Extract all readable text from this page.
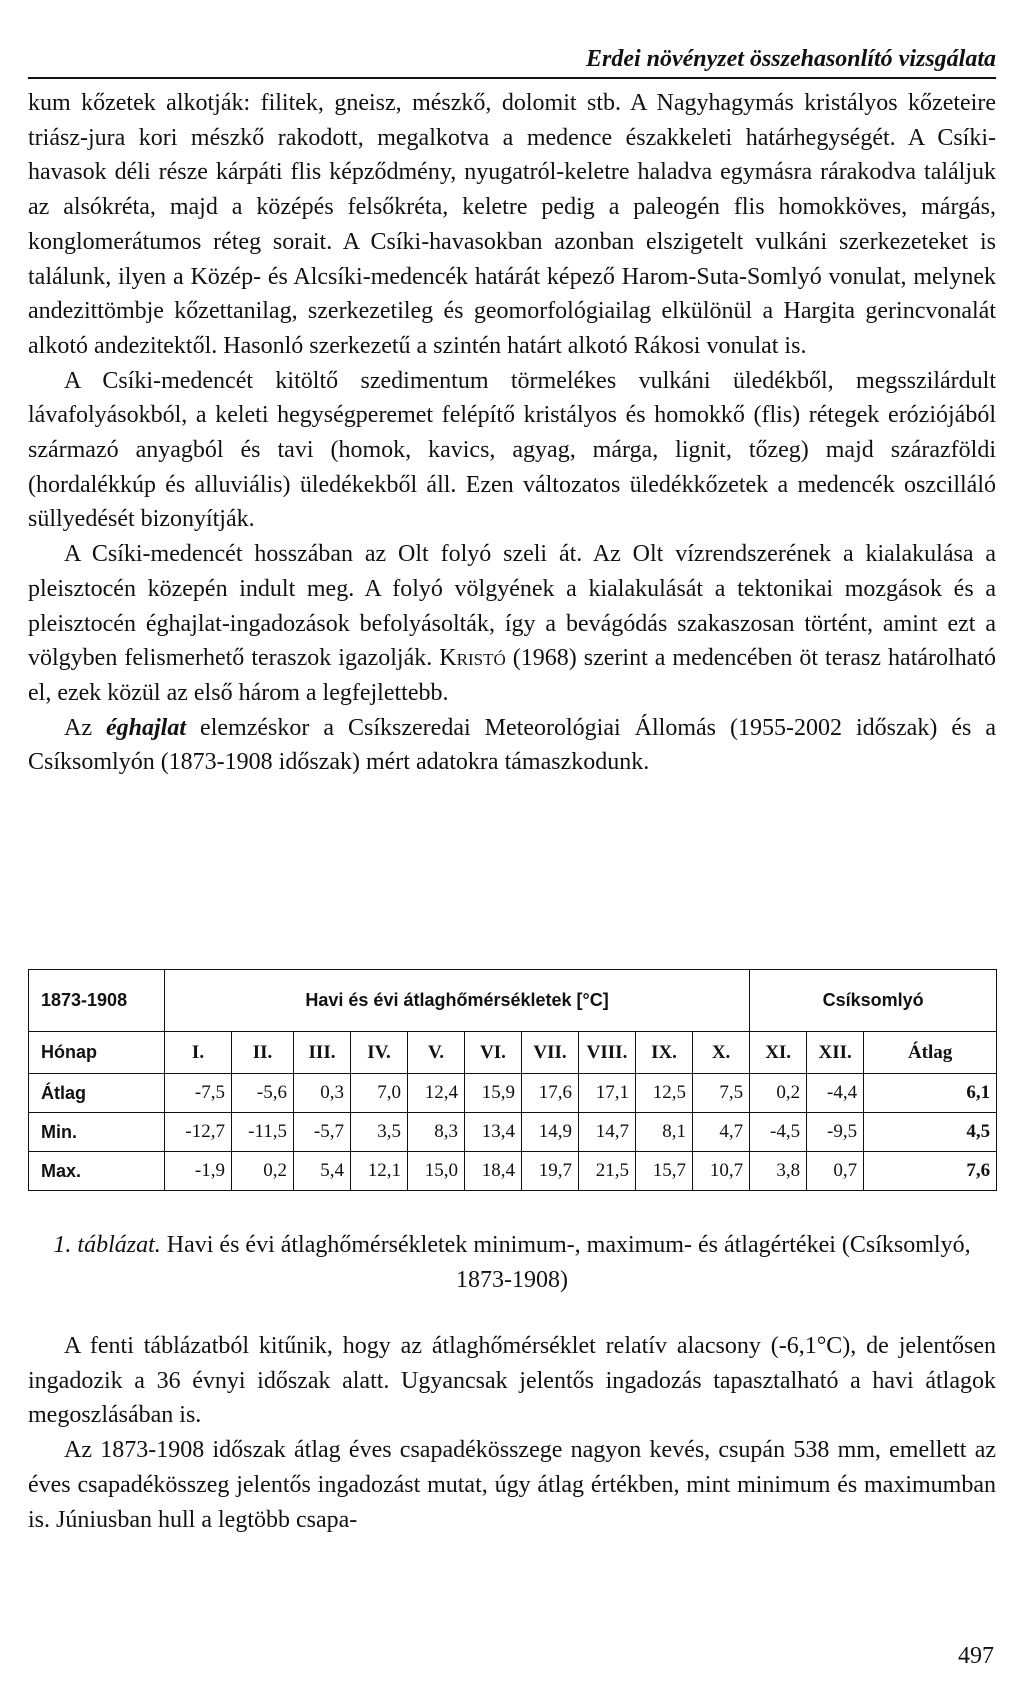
Erdei növényzet összehasonlító vizsgálata

kum kőzetek alkotják: filitek, gneisz, mészkő, dolomit stb. A Nagyhagymás kristályos kőzeteire triász-jura kori mészkő rakodott, megalkotva a medence északkeleti határhegységét. A Csíki-havasok déli része kárpáti flis képződmény, nyugatról-keletre haladva egymásra rárakodva találjuk az alsókréta, majd a középés felsőkréta, keletre pedig a paleogén flis homokköves, márgás, konglomerátumos réteg sorait. A Csíki-havasokban azonban elszigetelt vulkáni szerkezeteket is találunk, ilyen a Közép- és Alcsíki-medencék határát képező Harom-Suta-Somlyó vonulat, melynek andezittömbje kőzettanilag, szerkezetileg és geomorfológiailag elkülönül a Hargita gerincvonalát alkotó andezitektől. Hasonló szerkezetű a szintén határt alkotó Rákosi vonulat is.

A Csíki-medencét kitöltő szedimentum törmelékes vulkáni üledékből, megsszilárdult lávafolyásokból, a keleti hegységperemet felépítő kristályos és homokkő (flis) rétegek eróziójából származó anyagból és tavi (homok, kavics, agyag, márga, lignit, tőzeg) majd szárazföldi (hordalékkúp és alluviális) üledékekből áll. Ezen változatos üledékkőzetek a medencék oszcilláló süllyedését bizonyítják.

A Csíki-medencét hosszában az Olt folyó szeli át. Az Olt vízrendszerének a kialakulása a pleisztocén közepén indult meg. A folyó völgyének a kialakulását a tektonikai mozgások és a pleisztocén éghajlat-ingadozások befolyásolták, így a bevágódás szakaszosan történt, amint ezt a völgyben felismerhető teraszok igazolják. Kristó (1968) szerint a medencében öt terasz határolható el, ezek közül az első három a legfejlettebb.

Az éghajlat elemzéskor a Csíkszeredai Meteorológiai Állomás (1955-2002 időszak) és a Csíksomlyón (1873-1908 időszak) mért adatokra támaszkodunk.

1873-1908	Havi és évi átlaghőmérsékletek [°C]										Csíksomlyó		
Hónap	I.	II.	III.	IV.	V.	VI.	VII.	VIII.	IX.	X.	XI.	XII.	Átlag
Átlag	-7,5	-5,6	0,3	7,0	12,4	15,9	17,6	17,1	12,5	7,5	0,2	-4,4	6,1
Min.	-12,7	-11,5	-5,7	3,5	8,3	13,4	14,9	14,7	8,1	4,7	-4,5	-9,5	4,5
Max.	-1,9	0,2	5,4	12,1	15,0	18,4	19,7	21,5	15,7	10,7	3,8	0,7	7,6
1. táblázat. Havi és évi átlaghőmérsékletek minimum-, maximum- és átlagértékei (Csíksomlyó, 1873-1908)

A fenti táblázatból kitűnik, hogy az átlaghőmérséklet relatív alacsony (-6,1°C), de jelentősen ingadozik a 36 évnyi időszak alatt. Ugyancsak jelentős ingadozás tapasztalható a havi átlagok megoszlásában is.

Az 1873-1908 időszak átlag éves csapadékösszege nagyon kevés, csupán 538 mm, emellett az éves csapadékösszeg jelentős ingadozást mutat, úgy átlag értékben, mint minimum és maximumban is. Júniusban hull a legtöbb csapa-

497
